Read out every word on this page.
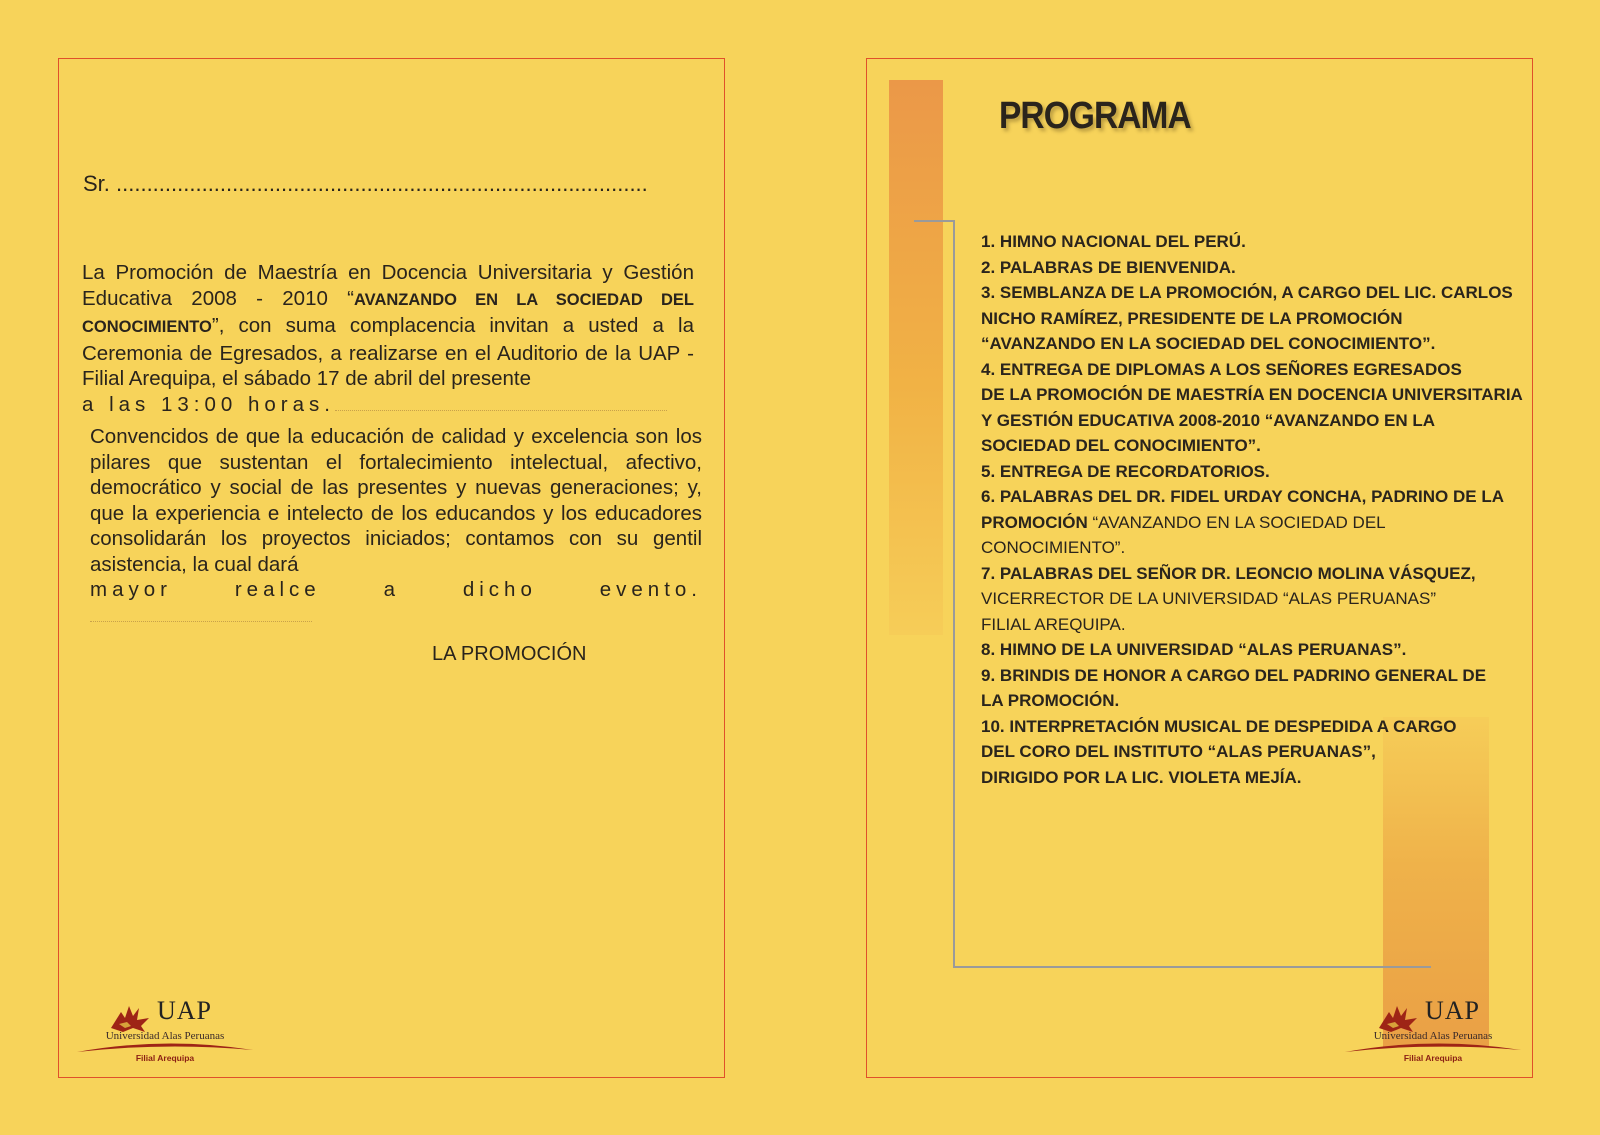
Sr. .......................................................................................
La Promoción de Maestría en Docencia Universitaria y Gestión Educativa 2008 - 2010 “AVANZANDO EN LA SOCIEDAD DEL CONOCIMIENTO”, con suma complacencia invitan a usted a la Ceremonia de Egresados, a realizarse en el Auditorio de la UAP - Filial Arequipa, el sábado 17 de abril del presente
a las 13:00 horas.
Convencidos de que la educación de calidad y excelencia son los pilares que sustentan el fortalecimiento intelectual, afectivo, democrático y social de las presentes y nuevas generaciones; y, que la experiencia e intelecto de los educandos y los educadores consolidarán los proyectos iniciados; contamos con su gentil asistencia, la cual dará
mayor realce a dicho evento.
LA PROMOCIÓN
UAP
Universidad Alas Peruanas
Filial Arequipa
PROGRAMA
1. HIMNO NACIONAL DEL PERÚ.
2. PALABRAS DE BIENVENIDA.
3. SEMBLANZA DE LA PROMOCIÓN, A CARGO DEL LIC. CARLOS
NICHO RAMÍREZ, PRESIDENTE DE LA PROMOCIÓN
“AVANZANDO EN LA SOCIEDAD DEL CONOCIMIENTO”.
4. ENTREGA DE DIPLOMAS A LOS SEÑORES EGRESADOS
DE LA PROMOCIÓN DE MAESTRÍA EN DOCENCIA UNIVERSITARIA
Y GESTIÓN EDUCATIVA 2008-2010 “AVANZANDO EN LA
SOCIEDAD DEL CONOCIMIENTO”.
5. ENTREGA DE RECORDATORIOS.
6. PALABRAS DEL DR. FIDEL URDAY CONCHA, PADRINO DE LA
PROMOCIÓN “AVANZANDO EN LA SOCIEDAD DEL
CONOCIMIENTO”.
7. PALABRAS DEL SEÑOR DR. LEONCIO MOLINA VÁSQUEZ,
VICERRECTOR DE LA UNIVERSIDAD “ALAS PERUANAS”
FILIAL AREQUIPA.
8. HIMNO DE LA UNIVERSIDAD “ALAS PERUANAS”.
9. BRINDIS DE HONOR A CARGO DEL PADRINO GENERAL DE
LA PROMOCIÓN.
10. INTERPRETACIÓN MUSICAL DE DESPEDIDA A CARGO
DEL CORO DEL INSTITUTO “ALAS PERUANAS”,
DIRIGIDO POR LA LIC. VIOLETA MEJÍA.
UAP
Universidad Alas Peruanas
Filial Arequipa
